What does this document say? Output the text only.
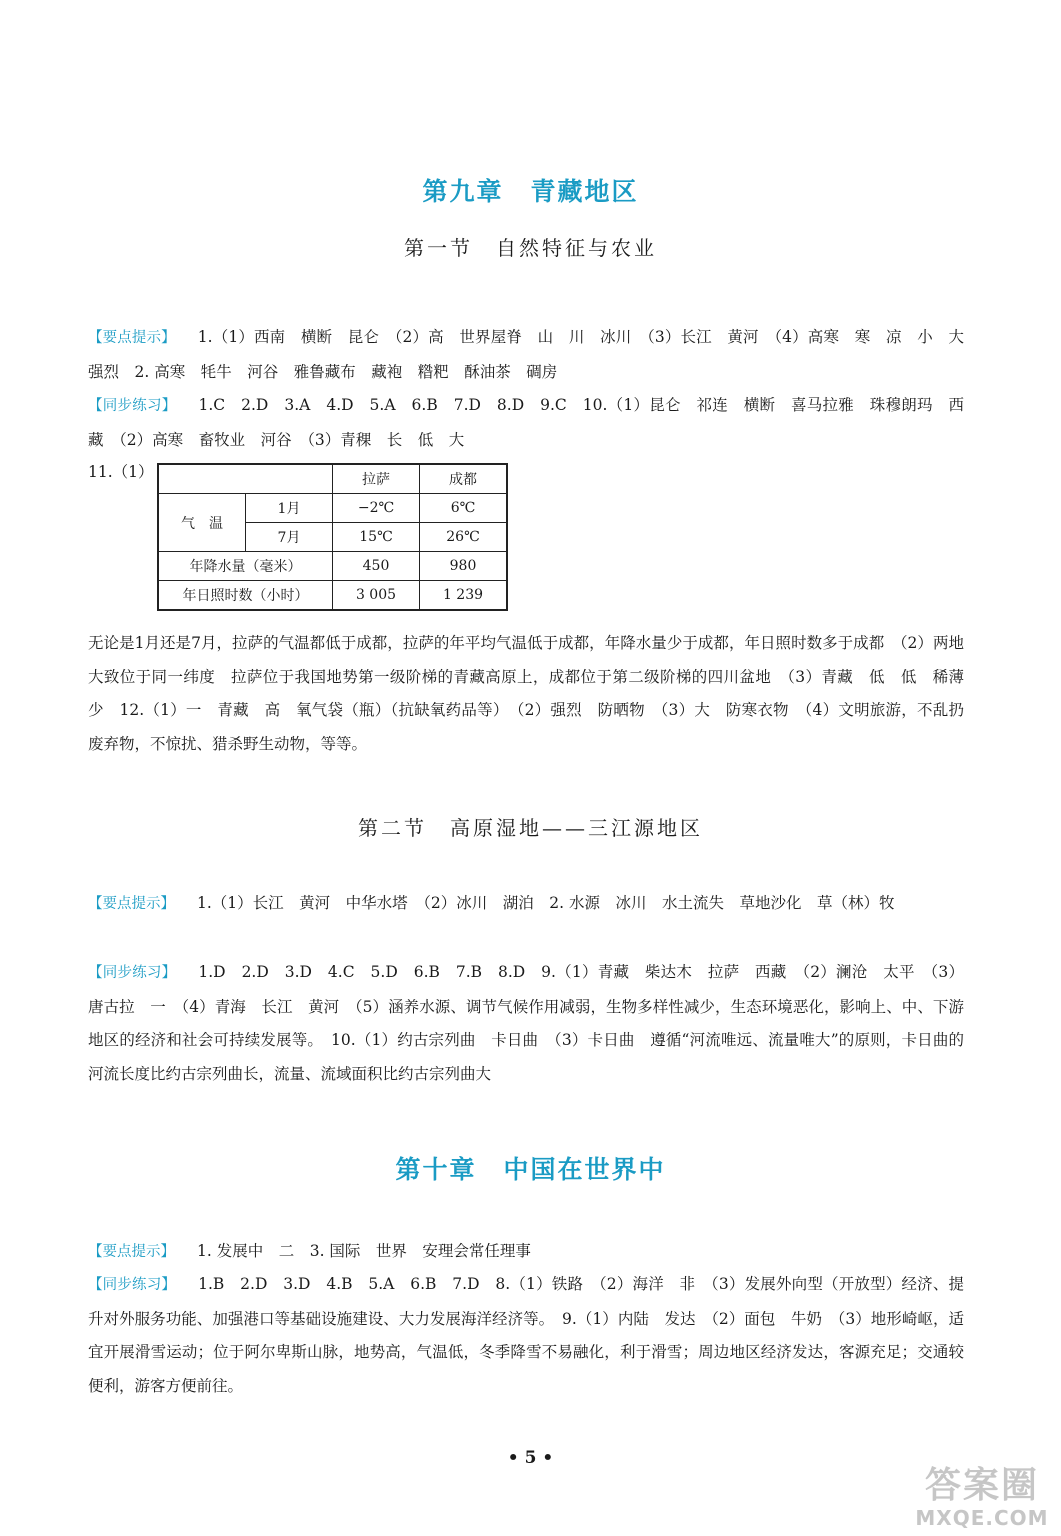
第九章　青藏地区
第一节　自然特征与农业
【要点提示】 1.（1）西南　横断　昆仑　（2）高　世界屋脊　山　川　冰川　（3）长江　黄河　（4）高寒　寒　凉　小　大　强烈　2. 高寒　牦牛　河谷　雅鲁藏布　藏袍　糌粑　酥油茶　碉房
【同步练习】 1.C　2.D　3.A　4.D　5.A　6.B　7.D　8.D　9.C　10.（1）昆仑　祁连　横断　喜马拉雅　珠穆朗玛　西藏　（2）高寒　畜牧业　河谷　（3）青稞　长　低　大
11.（1）
		拉萨	成都
气　温	1月	−2℃	6℃
	7月	15℃	26℃
年降水量（毫米）		450	980
年日照时数（小时）		3 005	1 239
无论是1月还是7月，拉萨的气温都低于成都，拉萨的年平均气温低于成都，年降水量少于成都，年日照时数多于成都　（2）两地大致位于同一纬度　拉萨位于我国地势第一级阶梯的青藏高原上，成都位于第二级阶梯的四川盆地　（3）青藏　低　低　稀薄　少　12.（1）一　青藏　高　氧气袋（瓶）（抗缺氧药品等）　（2）强烈　防晒物　（3）大　防寒衣物　（4）文明旅游，不乱扔废弃物，不惊扰、猎杀野生动物，等等。
第二节　高原湿地——三江源地区
【要点提示】 1.（1）长江　黄河　中华水塔　（2）冰川　湖泊　2. 水源　冰川　水土流失　草地沙化　草（林）牧
【同步练习】 1.D　2.D　3.D　4.C　5.D　6.B　7.B　8.D　9.（1）青藏　柴达木　拉萨　西藏　（2）澜沧　太平　（3）唐古拉　一　（4）青海　长江　黄河　（5）涵养水源、调节气候作用减弱，生物多样性减少，生态环境恶化，影响上、中、下游地区的经济和社会可持续发展等。　10.（1）约古宗列曲　卡日曲　（3）卡日曲　遵循“河流唯远、流量唯大”的原则，卡日曲的河流长度比约古宗列曲长，流量、流域面积比约古宗列曲大
第十章　中国在世界中
【要点提示】 1. 发展中　二　3. 国际　世界　安理会常任理事
【同步练习】 1.B　2.D　3.D　4.B　5.A　6.B　7.D　8.（1）铁路　（2）海洋　非　（3）发展外向型（开放型）经济、提升对外服务功能、加强港口等基础设施建设、大力发展海洋经济等。　9.（1）内陆　发达　（2）面包　牛奶　（3）地形崎岖，适宜开展滑雪运动；位于阿尔卑斯山脉，地势高，气温低，冬季降雪不易融化，利于滑雪；周边地区经济发达，客源充足；交通较便利，游客方便前往。
• 5 •
答案圈
MXQE.COM
